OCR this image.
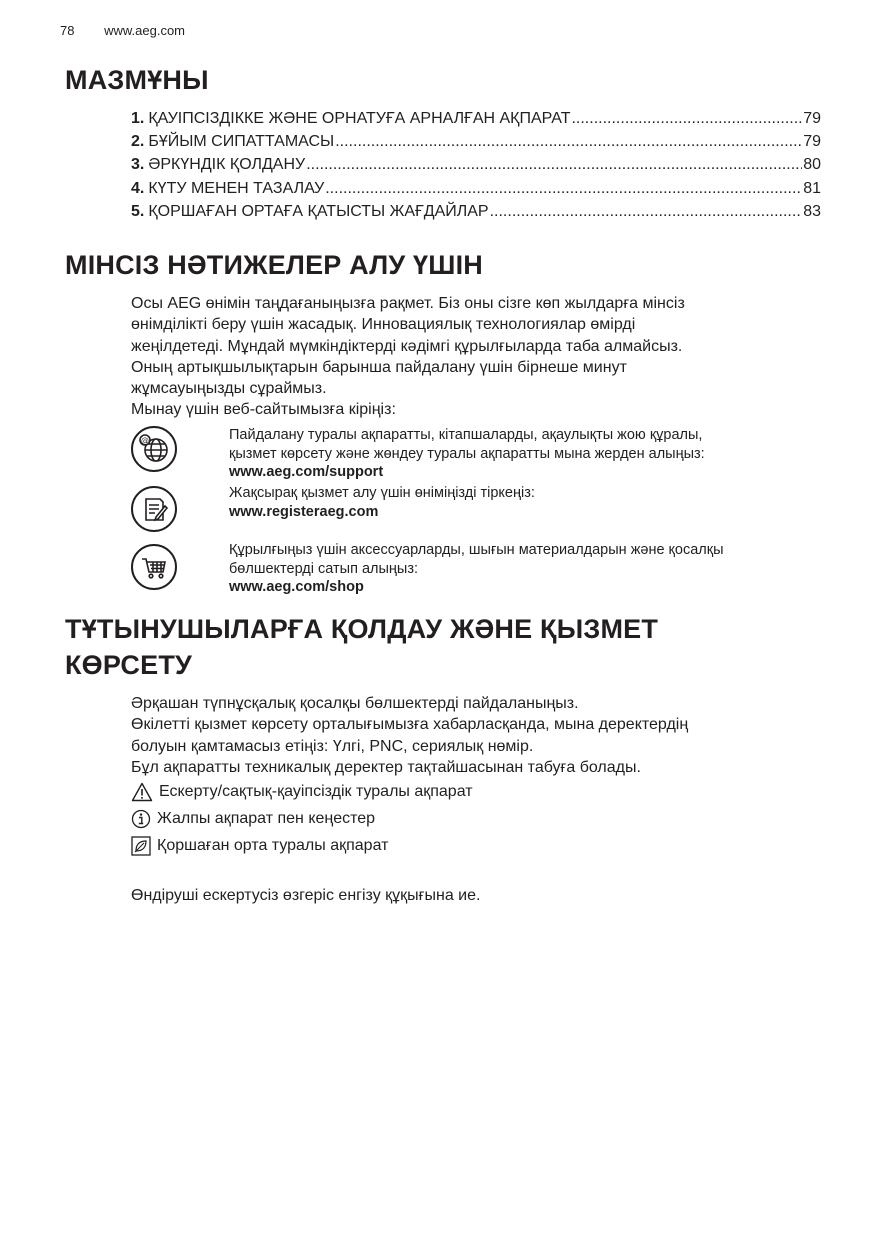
78 www.aeg.com
МАЗМҰНЫ
1. ҚАУІПСІЗДІККЕ ЖӘНЕ ОРНАТУҒА АРНАЛҒАН АҚПАРАТ .....	79
2. БҰЙЫМ СИПАТТАМАСЫ .....	79
3. ӘРКҮНДІК ҚОЛДАНУ .....	80
4. КҮТУ МЕНЕН ТАЗАЛАУ .....	81
5. ҚОРШАҒАН ОРТАҒА ҚАТЫСТЫ ЖАҒДАЙЛАР .....	83
МІНСІЗ НӘТИЖЕЛЕР АЛУ ҮШІН
Осы AEG өнімін таңдағаныңызға рақмет. Біз оны сізге көп жылдарға мінсіз
өнімділікті беру үшін жасадық. Инновациялық технологиялар өмірді
жеңілдетеді. Мұндай мүмкіндіктерді кәдімгі құрылғыларда таба алмайсыз.
Оның артықшылықтарын барынша пайдалану үшін бірнеше минут
жұмсауыңызды сұраймыз.
Мынау үшін веб-сайтымызға кіріңіз:
@	Пайдалану туралы ақпаратты, кітапшаларды, ақаулықты жою құралы,
қызмет көрсету және жөндеу туралы ақпаратты мына жерден алыңыз:
www.aeg.com/support
Жақсырақ қызмет алу үшін өніміңізді тіркеңіз:
www.registeraeg.com
Құрылғыңыз үшін аксессуарларды, шығын материалдарын және қосалқы
бөлшектерді сатып алыңыз:
www.aeg.com/shop
ТҰТЫНУШЫЛАРҒА ҚОЛДАУ ЖӘНЕ ҚЫЗМЕТ
КӨРСЕТУ
Әрқашан түпнұсқалық қосалқы бөлшектерді пайдаланыңыз.
Өкілетті қызмет көрсету орталығымызға хабарласқанда, мына деректердің
болуын қамтамасыз етіңіз: Үлгі, PNC, сериялық нөмір.
Бұл ақпаратты техникалық деректер тақтайшасынан табуға болады.
Ескерту/сақтық-қауіпсіздік туралы ақпарат
Жалпы ақпарат пен кеңестер
Қоршаған орта туралы ақпарат
Өндіруші ескертусіз өзгеріс енгізу құқығына ие.
